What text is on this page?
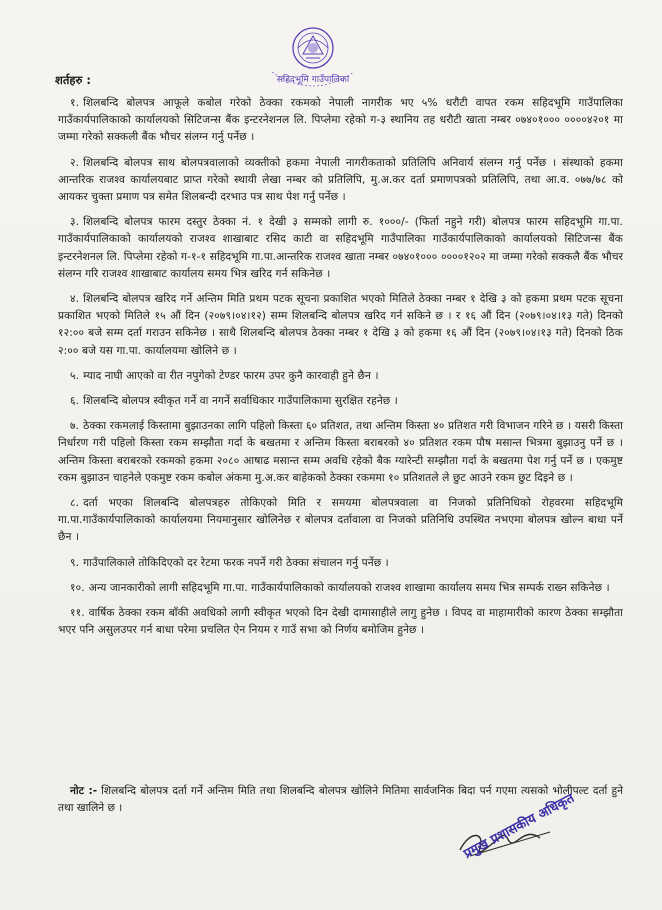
सहिदभूमि गाउँपालिका
शर्तहरु :

१. शिलबन्दि बोलपत्र आफूले कबोल गरेको ठेक्का रकमको नेपाली नागरीक भए ५% धरौटी वापत रकम सहिदभूमि गाउँपालिका गाउँकार्यपालिकाको कार्यालयको सिटिजन्स बैंक इन्टरनेशनल लि. पिप्लेमा रहेको ग-३ स्थानिय तह धरौटी खाता नम्बर ०७४०१००० ००००४२०१ मा जम्मा गरेको सक्कली बैंक भौचर संलग्न गर्नु पर्नेछ ।

२. शिलबन्दि बोलपत्र साथ बोलपत्रवालाको व्यक्तीको हकमा नेपाली नागरीकताको प्रतिलिपि अनिवार्य संलग्न गर्नु पर्नेछ । संस्थाको हकमा आन्तरिक राजश्व कार्यालयबाट प्राप्त गरेको स्थायी लेखा नम्बर को प्रतिलिपि, मु.अ.कर दर्ता प्रमाणपत्रको प्रतिलिपि, तथा आ.व. ०७७/७८ को आयकर चुक्ता प्रमाण पत्र समेत शिलबन्दी दरभाउ पत्र साथ पेश गर्नु पर्नेछ ।

३. शिलबन्दि बोलपत्र फारम दस्तुर ठेक्का नं. १ देखी ३ सम्मको लागी रु. १०००/- (फिर्ता नहुने गरी) बोलपत्र फारम सहिदभूमि गा.पा. गाउँकार्यपालिकाको कार्यालयको राजश्व शाखाबाट रसिद काटी वा सहिदभूमि गाउँपालिका गाउँकार्यपालिकाको कार्यालयको सिटिजन्स बैंक इन्टरनेशनल लि. पिप्लेमा रहेको ग-१-१ सहिदभूमि गा.पा.आन्तरिक राजश्व खाता नम्बर ०७४०१००० ००००१२०२ मा जम्मा गरेको सक्कलै बैंक भौचर संलग्न गरि राजश्व शाखाबाट कार्यालय समय भित्र खरिद गर्न सकिनेछ ।

४. शिलबन्दि बोलपत्र खरिद गर्ने अन्तिम मिति प्रथम पटक सूचना प्रकाशित भएको मितिले ठेक्का नम्बर १ देखि ३ को हकमा प्रथम पटक सूचना प्रकाशित भएको मितिले १५ औं दिन (२०७९।०४।१२) सम्म शिलबन्दि बोलपत्र खरिद गर्न सकिने छ । र १६ औं दिन (२०७९।०४।१३ गते) दिनको १२:०० बजे सम्म दर्ता गराउन सकिनेछ । साथै शिलबन्दि बोलपत्र ठेक्का नम्बर १ देखि ३ को हकमा १६ औं दिन (२०७९।०४।१३ गते) दिनको ठिक २:०० बजे यस गा.पा. कार्यालयमा खोलिने छ ।

५. म्याद नाघी आएको वा रीत नपुगेको टेण्डर फारम उपर कुनै कारवाही हुने छैन ।

६. शिलबन्दि बोलपत्र स्वीकृत गर्ने वा नगर्ने सर्वाधिकार गाउँपालिकामा सुरक्षित रहनेछ ।

७. ठेक्का रकमलाई किस्तामा बुझाउनका लागि पहिलो किस्ता ६० प्रतिशत, तथा अन्तिम किस्ता ४० प्रतिशत गरी विभाजन गरिने छ । यसरी किस्ता निर्धारण गरी पहिलो किस्ता रकम सम्झौता गर्दा के बखतमा र अन्तिम किस्ता बराबरको ४० प्रतिशत रकम पौष मसान्त भित्रमा बुझाउनु पर्ने छ । अन्तिम किस्ता बराबरको रकमको हकमा २०८० आषाढ मसान्त सम्म अवधि रहेको बैक ग्यारेन्टी सम्झौता गर्दा के बखतमा पेश गर्नु पर्ने छ । एकमुष्ट रकम बुझाउन चाहनेले एकमुष्ट रकम कबोल अंकमा मु.अ.कर बाहेकको ठेक्का रकममा १० प्रतिशतले ले छुट आउने रकम छुट दिइने छ ।

८. दर्ता भएका शिलबन्दि बोलपत्रहरु तोकिएको मिति र समयमा बोलपत्रवाला वा निजको प्रतिनिधिको रोहवरमा सहिदभूमि गा.पा.गाउँकार्यपालिकाको कार्यालयमा नियमानुसार खोलिनेछ र बोलपत्र दर्तावाला वा निजको प्रतिनिधि उपस्थित नभएमा बोलपत्र खोल्न बाधा पर्ने छैन ।

९. गाउँपालिकाले तोकिदिएको दर रेटमा फरक नपर्ने गरी ठेक्का संचालन गर्नु पर्नेछ ।

१०. अन्य जानकारीको लागी सहिदभूमि गा.पा. गाउँकार्यपालिकाको कार्यालयको राजश्व शाखामा कार्यालय समय भित्र सम्पर्क राख्न सकिनेछ ।

११. वार्षिक ठेक्का रकम बाँकी अवधिको लागी स्वीकृत भएको दिन देखी दामासाहीले लागु हुनेछ । विपद वा माहामारीको कारण ठेक्का सम्झौता भएर पनि असुलउपर गर्न बाधा परेमा प्रचलित ऐन नियम र गाउँ सभा को निर्णय बमोजिम हुनेछ ।

नोट :- शिलबन्दि बोलपत्र दर्ता गर्ने अन्तिम मिति तथा शिलबन्दि बोलपत्र खोलिने मितिमा सार्वजनिक बिदा पर्न गएमा त्यसको भोलीपल्ट दर्ता हुने तथा खालिने छ ।	प्रमुख प्रशासकीय अधिकृत
